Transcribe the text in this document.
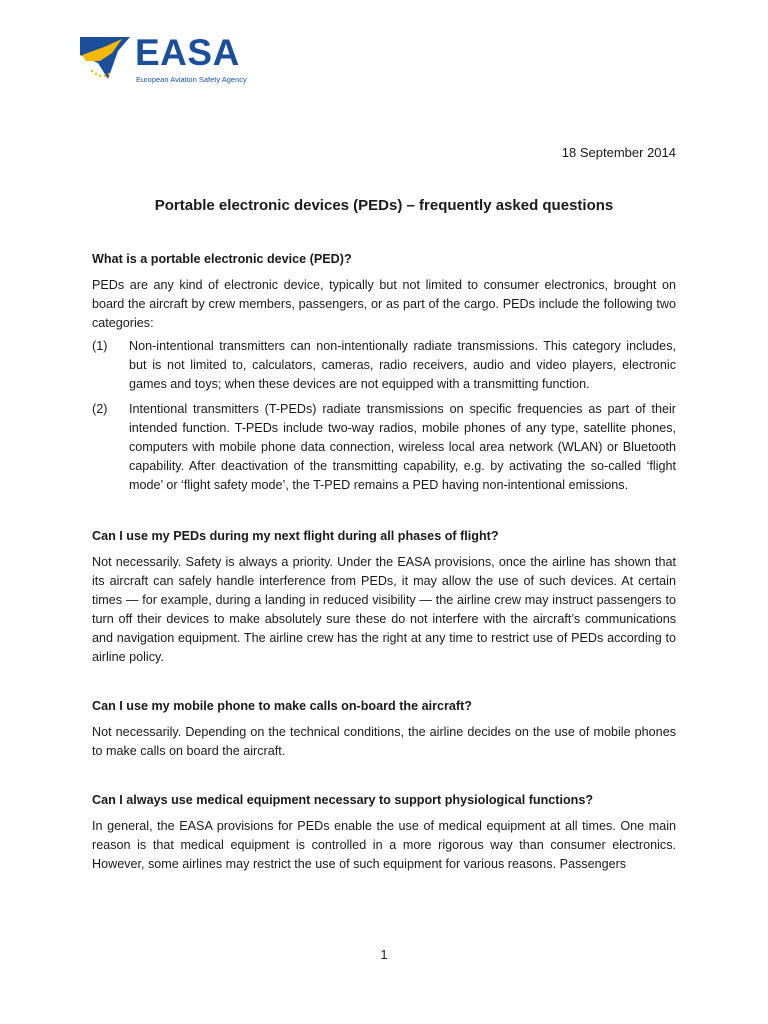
EASA
European Aviation Safety Agency
18 September 2014
Portable electronic devices (PEDs) – frequently asked questions
What is a portable electronic device (PED)?
PEDs are any kind of electronic device, typically but not limited to consumer electronics, brought on board the aircraft by crew members, passengers, or as part of the cargo. PEDs include the following two categories:
(1)	Non-intentional transmitters can non-intentionally radiate transmissions. This category includes, but is not limited to, calculators, cameras, radio receivers, audio and video players, electronic games and toys; when these devices are not equipped with a transmitting function.
(2)	Intentional transmitters (T-PEDs) radiate transmissions on specific frequencies as part of their intended function. T-PEDs include two-way radios, mobile phones of any type, satellite phones, computers with mobile phone data connection, wireless local area network (WLAN) or Bluetooth capability. After deactivation of the transmitting capability, e.g. by activating the so-called ‘flight mode’ or ‘flight safety mode’, the T-PED remains a PED having non-intentional emissions.
Can I use my PEDs during my next flight during all phases of flight?
Not necessarily. Safety is always a priority. Under the EASA provisions, once the airline has shown that its aircraft can safely handle interference from PEDs, it may allow the use of such devices. At certain times — for example, during a landing in reduced visibility — the airline crew may instruct passengers to turn off their devices to make absolutely sure these do not interfere with the aircraft’s communications and navigation equipment. The airline crew has the right at any time to restrict use of PEDs according to airline policy.
Can I use my mobile phone to make calls on-board the aircraft?
Not necessarily. Depending on the technical conditions, the airline decides on the use of mobile phones to make calls on board the aircraft.
Can I always use medical equipment necessary to support physiological functions?
In general, the EASA provisions for PEDs enable the use of medical equipment at all times. One main reason is that medical equipment is controlled in a more rigorous way than consumer electronics. However, some airlines may restrict the use of such equipment for various reasons. Passengers
1
